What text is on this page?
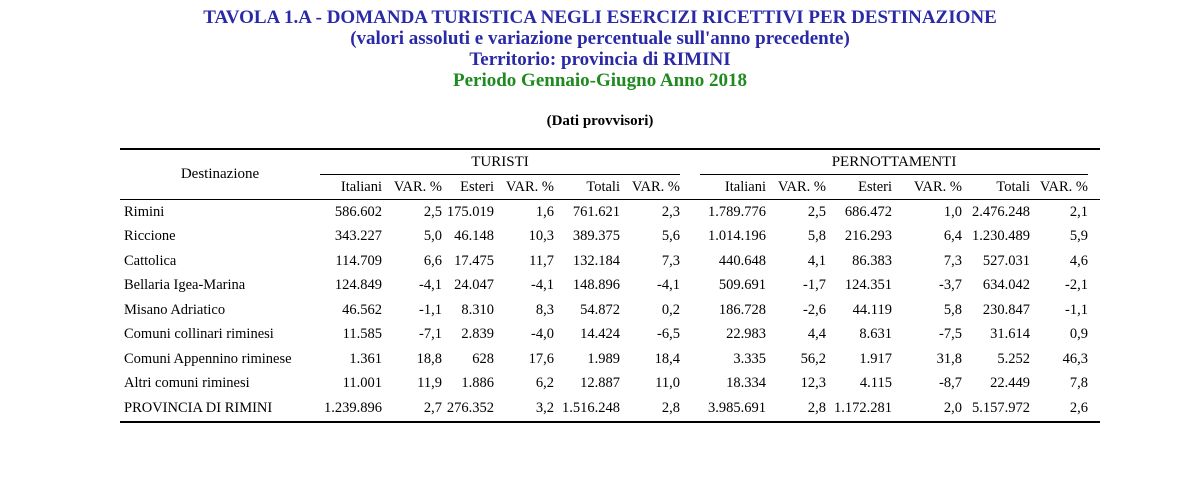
TAVOLA 1.A - DOMANDA TURISTICA NEGLI ESERCIZI RICETTIVI PER DESTINAZIONE
(valori assoluti e variazione percentuale sull'anno precedente)
Territorio: provincia di RIMINI
Periodo Gennaio-Giugno Anno 2018
(Dati provvisori)

Destinazione	TURISTI							PERNOTTAMENTI						
	Italiani	VAR. %	Esteri	VAR. %	Totali	VAR. %		Italiani	VAR. %	Esteri	VAR. %	Totali	VAR. %	
Rimini	586.602	2,5	175.019	1,6	761.621	2,3		1.789.776	2,5	686.472	1,0	2.476.248	2,1	
Riccione	343.227	5,0	46.148	10,3	389.375	5,6		1.014.196	5,8	216.293	6,4	1.230.489	5,9	
Cattolica	114.709	6,6	17.475	11,7	132.184	7,3		440.648	4,1	86.383	7,3	527.031	4,6	
Bellaria Igea-Marina	124.849	-4,1	24.047	-4,1	148.896	-4,1		509.691	-1,7	124.351	-3,7	634.042	-2,1	
Misano Adriatico	46.562	-1,1	8.310	8,3	54.872	0,2		186.728	-2,6	44.119	5,8	230.847	-1,1	
Comuni collinari riminesi	11.585	-7,1	2.839	-4,0	14.424	-6,5		22.983	4,4	8.631	-7,5	31.614	0,9	
Comuni Appennino riminese	1.361	18,8	628	17,6	1.989	18,4		3.335	56,2	1.917	31,8	5.252	46,3	
Altri comuni riminesi	11.001	11,9	1.886	6,2	12.887	11,0		18.334	12,3	4.115	-8,7	22.449	7,8	
PROVINCIA DI RIMINI	1.239.896	2,7	276.352	3,2	1.516.248	2,8		3.985.691	2,8	1.172.281	2,0	5.157.972	2,6	
